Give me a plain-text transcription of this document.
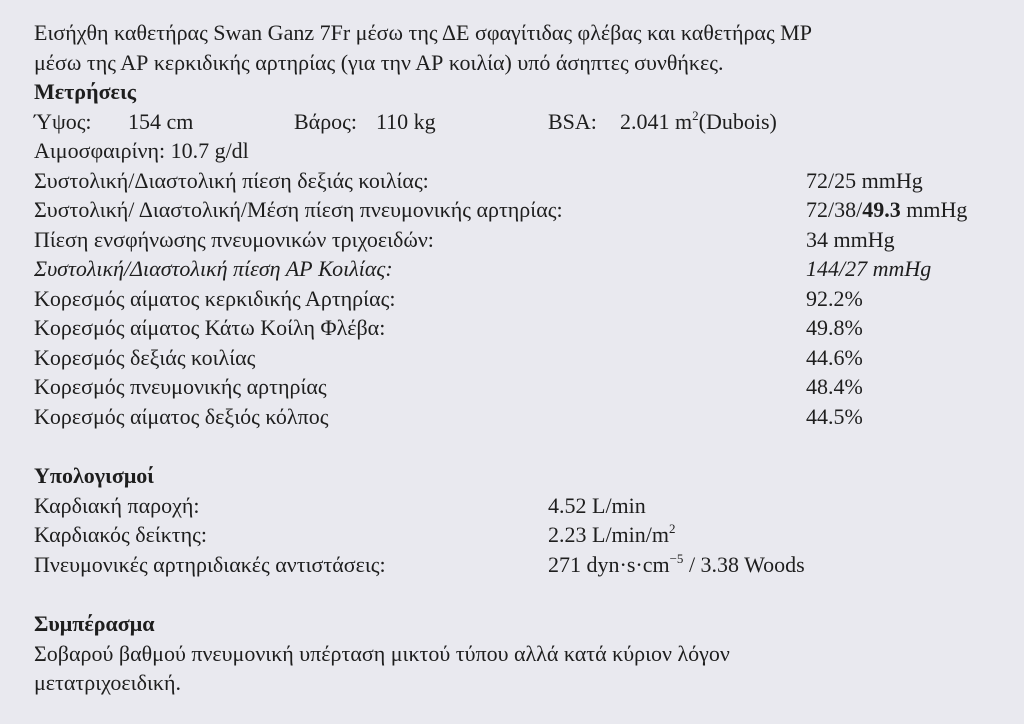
Εισήχθη καθετήρας Swan Ganz 7Fr μέσω της ΔΕ σφαγίτιδας φλέβας και καθετήρας ΜΡ

μέσω της ΑΡ κερκιδικής αρτηρίας (για την ΑΡ κοιλία) υπό άσηπτες συνθήκες.

Μετρήσεις

Ύψος: 154 cm	Βάρος: 110 kg	BSA: 2.041 $m^2(Dubois)$

Αιμοσφαιρίνη: 10.7 g/dl

Συστολική/Διαστολική πίεση δεξιάς κοιλίας:	72/25 mmHg
Συστολική/ Διαστολική/Μέση πίεση πνευμονικής αρτηρίας:	72/38/49.3 mmHg
Πίεση ενσφήνωσης πνευμονικών τριχοειδών:	34 mmHg
Συστολική/Διαστολική πίεση ΑΡ Κοιλίας:	144/27 mmHg
Κορεσμός αίματος κερκιδικής Αρτηρίας:	92.2%
Κορεσμός αίματος Κάτω Κοίλη Φλέβα:	49.8%
Κορεσμός δεξιάς κοιλίας	44.6%
Κορεσμός πνευμονικής αρτηρίας	48.4%
Κορεσμός αίματος δεξιός κόλπος	44.5%

Υπολογισμοί

Καρδιακή παροχή:	4.52 L/min
Καρδιακός δείκτης:	2.23 $L/\min/m^2$
Πνευμονικές αρτηριδιακές αντιστάσεις:	271 $dyn\cdot s\cdot cm^{-5} / 3.38$ Woods

Συμπέρασμα

Σοβαρού βαθμού πνευμονική υπέρταση μικτού τύπου αλλά κατά κύριον λόγον

μετατριχοειδική.
